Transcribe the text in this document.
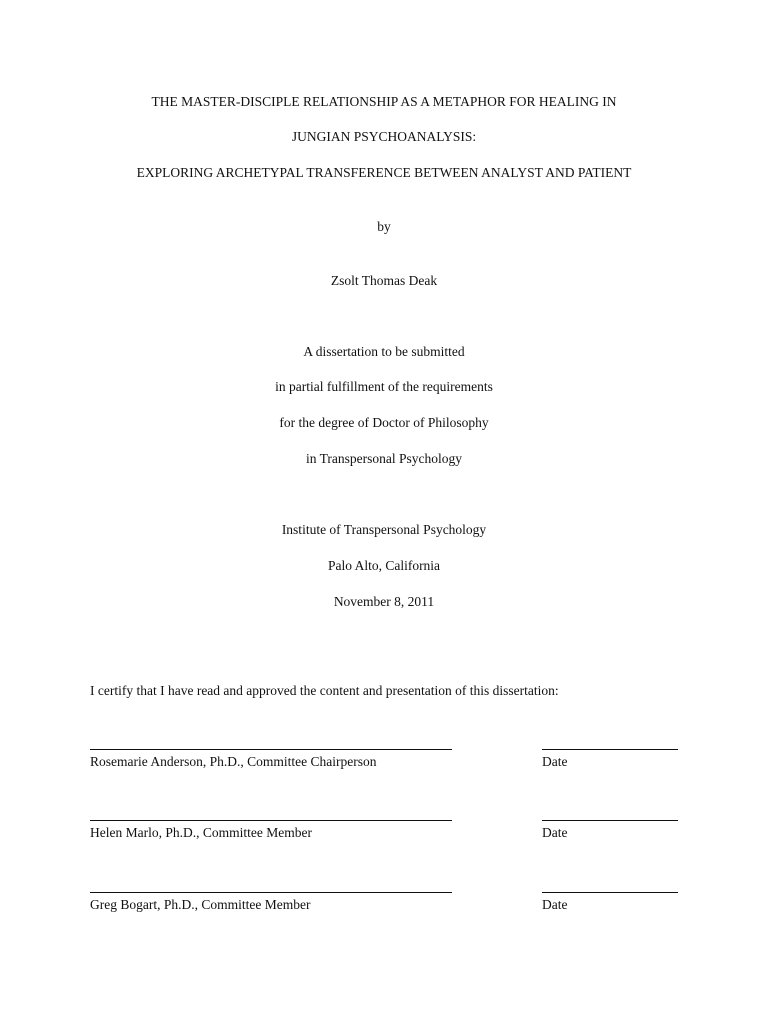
THE MASTER-DISCIPLE RELATIONSHIP AS A METAPHOR FOR HEALING IN
JUNGIAN PSYCHOANALYSIS:
EXPLORING ARCHETYPAL TRANSFERENCE BETWEEN ANALYST AND PATIENT
by
Zsolt Thomas Deak
A dissertation to be submitted
in partial fulfillment of the requirements
for the degree of Doctor of Philosophy
in Transpersonal Psychology
Institute of Transpersonal Psychology
Palo Alto, California
November 8, 2011
I certify that I have read and approved the content and presentation of this dissertation:
Rosemarie Anderson, Ph.D., Committee Chairperson	Date
Helen Marlo, Ph.D., Committee Member	Date
Greg Bogart, Ph.D., Committee Member	Date
